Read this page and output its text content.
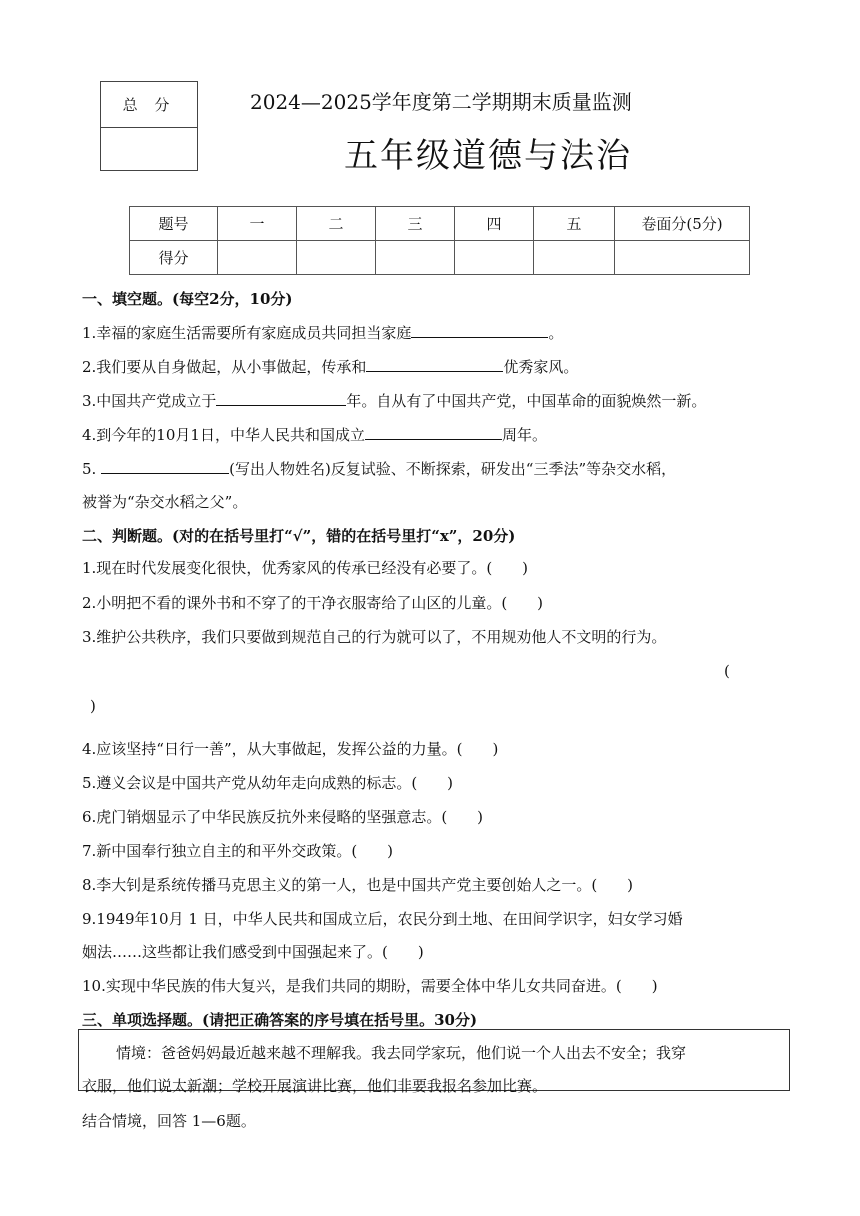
总 分	2024—2025学年度第二学期期末质量监测
五年级道德与法治
题号	一	二	三	四	五	卷面分(5分)
得分						
一、填空题。(每空2分，10分)
1.幸福的家庭生活需要所有家庭成员共同担当家庭	。
2.我们要从自身做起，从小事做起，传承和	优秀家风。
3.中国共产党成立于	年。自从有了中国共产党，中国革命的面貌焕然一新。
4.到今年的10月1日，中华人民共和国成立	周年。
5.	(写出人物姓名)反复试验、不断探索，研发出“三季法”等杂交水稻，
被誉为“杂交水稻之父”。
二、判断题。(对的在括号里打“√”，错的在括号里打“x”，20分)
1.现在时代发展变化很快，优秀家风的传承已经没有必要了。(　　)
2.小明把不看的课外书和不穿了的干净衣服寄给了山区的儿童。(　　)
3.维护公共秩序，我们只要做到规范自己的行为就可以了，不用规劝他人不文明的行为。
(
)
4.应该坚持“日行一善”，从大事做起，发挥公益的力量。(　　)
5.遵义会议是中国共产党从幼年走向成熟的标志。(　　)
6.虎门销烟显示了中华民族反抗外来侵略的坚强意志。(　　)
7.新中国奉行独立自主的和平外交政策。(　　)
8.李大钊是系统传播马克思主义的第一人，也是中国共产党主要创始人之一。(　　)
9.1949年10月 1 日，中华人民共和国成立后，农民分到土地、在田间学识字，妇女学习婚
姻法……这些都让我们感受到中国强起来了。(　　)
10.实现中华民族的伟大复兴，是我们共同的期盼，需要全体中华儿女共同奋进。(　　)
三、单项选择题。(请把正确答案的序号填在括号里。30分)
情境：爸爸妈妈最近越来越不理解我。我去同学家玩，他们说一个人出去不安全；我穿
衣服，他们说太新潮；学校开展演讲比赛，他们非要我报名参加比赛。
结合情境，回答 1—6题。
